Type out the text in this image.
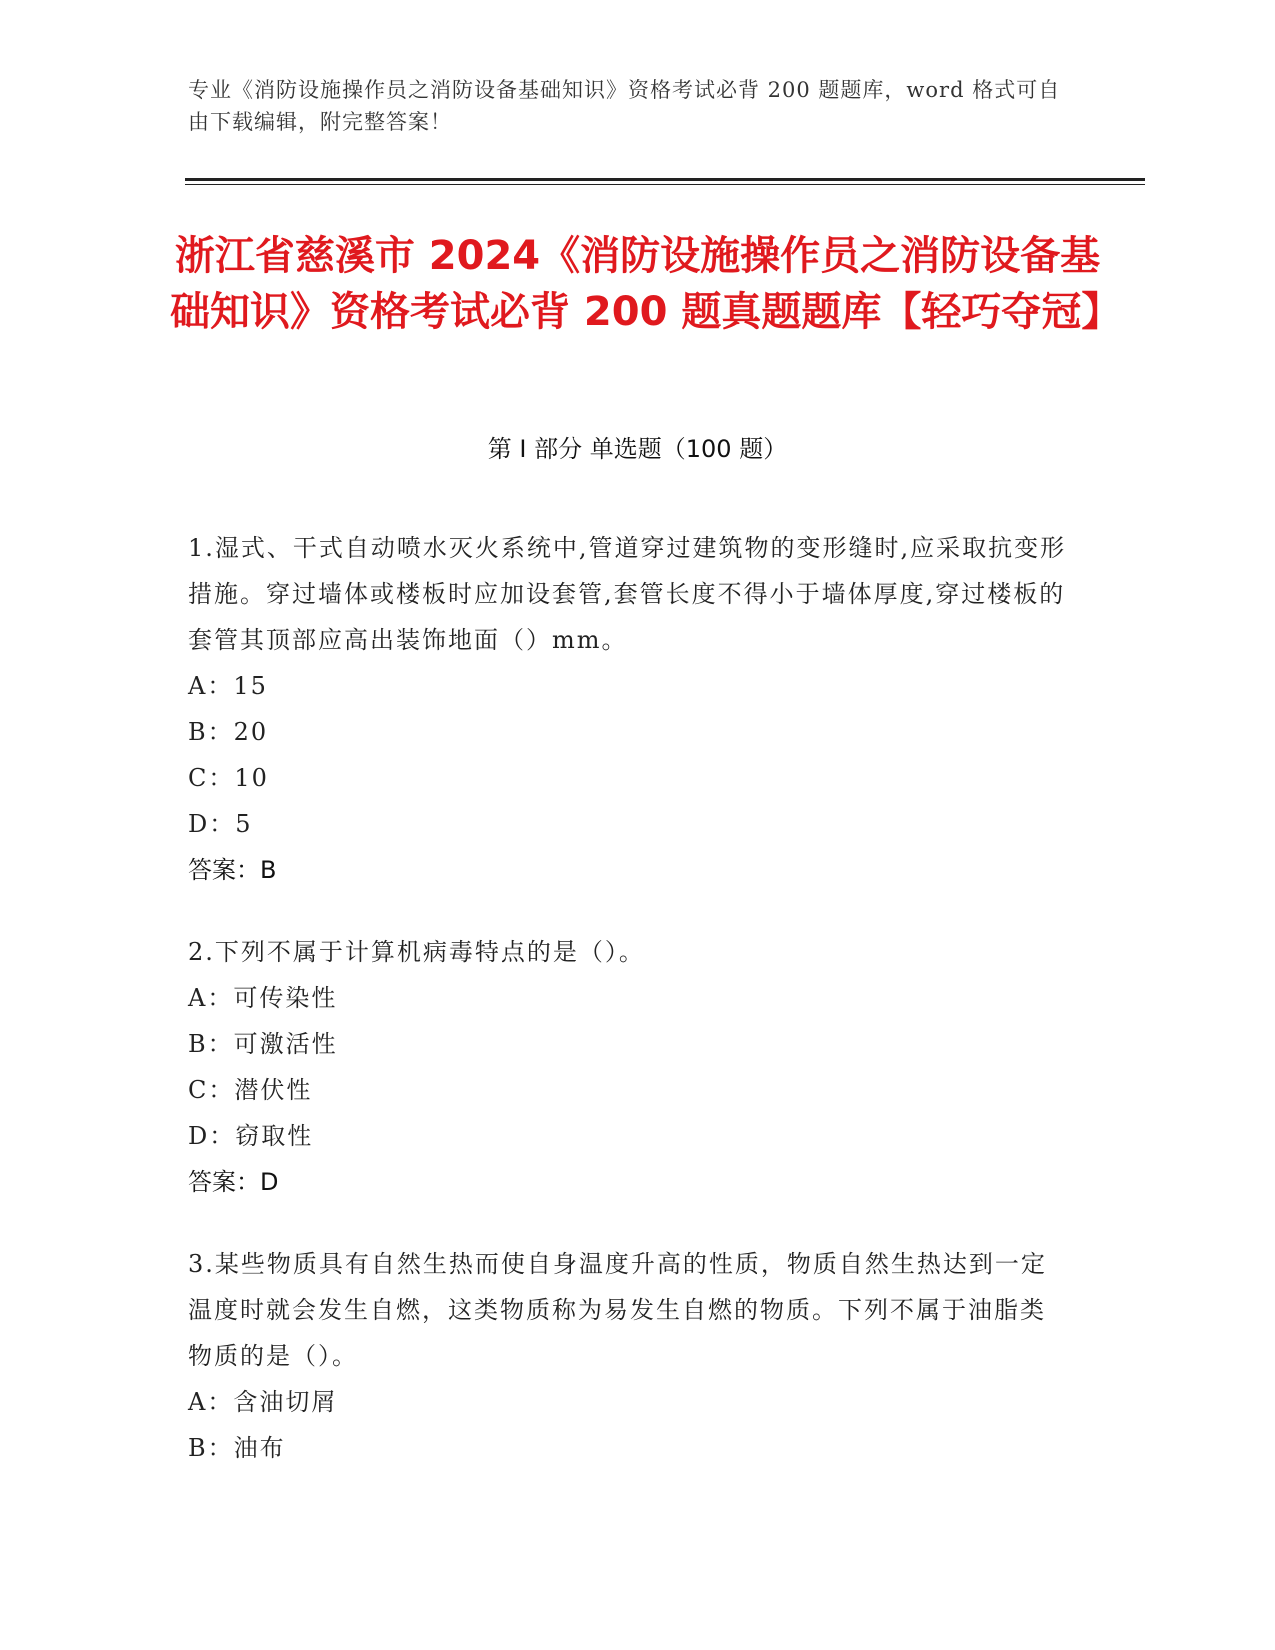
专业《消防设施操作员之消防设备基础知识》资格考试必背 200 题题库，word 格式可自由下载编辑，附完整答案！
浙江省慈溪市 2024《消防设施操作员之消防设备基础知识》资格考试必背 200 题真题题库【轻巧夺冠】
第 I 部分 单选题（100 题）
1.湿式、干式自动喷水灭火系统中,管道穿过建筑物的变形缝时,应采取抗变形措施。穿过墙体或楼板时应加设套管,套管长度不得小于墙体厚度,穿过楼板的套管其顶部应高出装饰地面（）mm。
A：15
B：20
C：10
D：5
答案：B
2.下列不属于计算机病毒特点的是（）。
A：可传染性
B：可激活性
C：潜伏性
D：窃取性
答案：D
3.某些物质具有自然生热而使自身温度升高的性质，物质自然生热达到一定温度时就会发生自燃，这类物质称为易发生自燃的物质。下列不属于油脂类物质的是（）。
A：含油切屑
B：油布
